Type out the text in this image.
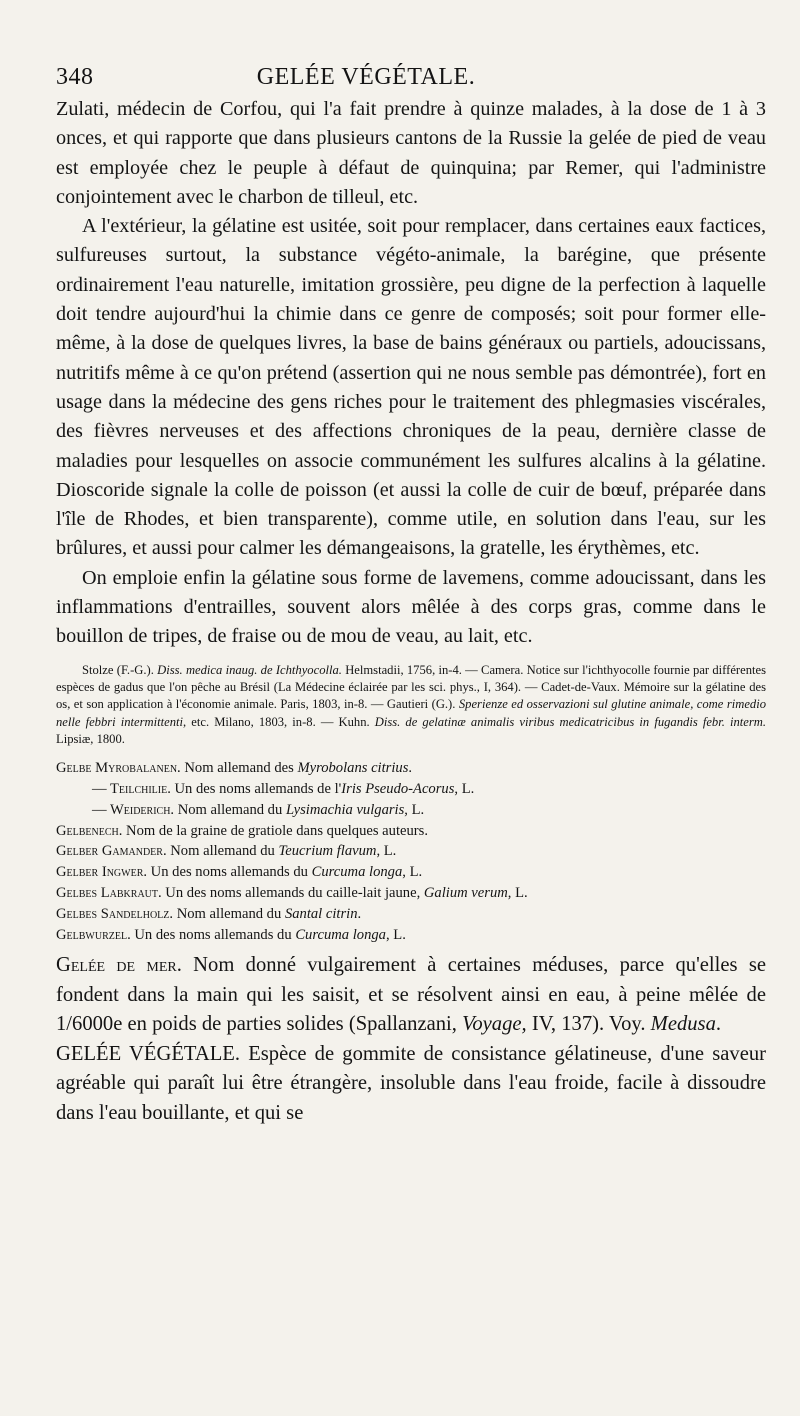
348	GELÉE VÉGÉTALE.

Zulati, médecin de Corfou, qui l'a fait prendre à quinze malades, à la dose de 1 à 3 onces, et qui rapporte que dans plusieurs cantons de la Russie la gelée de pied de veau est employée chez le peuple à défaut de quinquina; par Remer, qui l'administre conjointement avec le charbon de tilleul, etc.

A l'extérieur, la gélatine est usitée, soit pour remplacer, dans certaines eaux factices, sulfureuses surtout, la substance végéto-animale, la barégine, que présente ordinairement l'eau naturelle, imitation grossière, peu digne de la perfection à laquelle doit tendre aujourd'hui la chimie dans ce genre de composés; soit pour former elle-même, à la dose de quelques livres, la base de bains généraux ou partiels, adoucissans, nutritifs même à ce qu'on prétend (assertion qui ne nous semble pas démontrée), fort en usage dans la médecine des gens riches pour le traitement des phlegmasies viscérales, des fièvres nerveuses et des affections chroniques de la peau, dernière classe de maladies pour lesquelles on associe communément les sulfures alcalins à la gélatine. Dioscoride signale la colle de poisson (et aussi la colle de cuir de bœuf, préparée dans l'île de Rhodes, et bien transparente), comme utile, en solution dans l'eau, sur les brûlures, et aussi pour calmer les démangeaisons, la gratelle, les érythèmes, etc.

On emploie enfin la gélatine sous forme de lavemens, comme adoucissant, dans les inflammations d'entrailles, souvent alors mêlée à des corps gras, comme dans le bouillon de tripes, de fraise ou de mou de veau, au lait, etc.

Stolze (F.-G.). Diss. medica inaug. de Ichthyocolla. Helmstadii, 1756, in-4. — Camera. Notice sur l'ichthyocolle fournie par différentes espèces de gadus que l'on pêche au Brésil (La Médecine éclairée par les sci. phys., I, 364). — Cadet-de-Vaux. Mémoire sur la gélatine des os, et son application à l'économie animale. Paris, 1803, in-8. — Gautieri (G.). Sperienze ed osservazioni sul glutine animale, come rimedio nelle febbri intermittenti, etc. Milano, 1803, in-8. — Kuhn. Diss. de gelatinæ animalis viribus medicatricibus in fugandis febr. interm. Lipsiæ, 1800.

Gelbe Myrobalanen. Nom allemand des Myrobolans citrius.
— Teilchilie. Un des noms allemands de l'Iris Pseudo-Acorus, L.
— Weiderich. Nom allemand du Lysimachia vulgaris, L.
Gelbenech. Nom de la graine de gratiole dans quelques auteurs.
Gelber Gamander. Nom allemand du Teucrium flavum, L.
Gelber Ingwer. Un des noms allemands du Curcuma longa, L.
Gelbes Labkraut. Un des noms allemands du caille-lait jaune, Galium verum, L.
Gelbes Sandelholz. Nom allemand du Santal citrin.
Gelbwurzel. Un des noms allemands du Curcuma longa, L.

Gelée de mer. Nom donné vulgairement à certaines méduses, parce qu'elles se fondent dans la main qui les saisit, et se résolvent ainsi en eau, à peine mêlée de 1/6000e en poids de parties solides (Spallanzani, Voyage, IV, 137). Voy. Medusa.

GELÉE VÉGÉTALE. Espèce de gommite de consistance gélatineuse, d'une saveur agréable qui paraît lui être étrangère, insoluble dans l'eau froide, facile à dissoudre dans l'eau bouillante, et qui se
